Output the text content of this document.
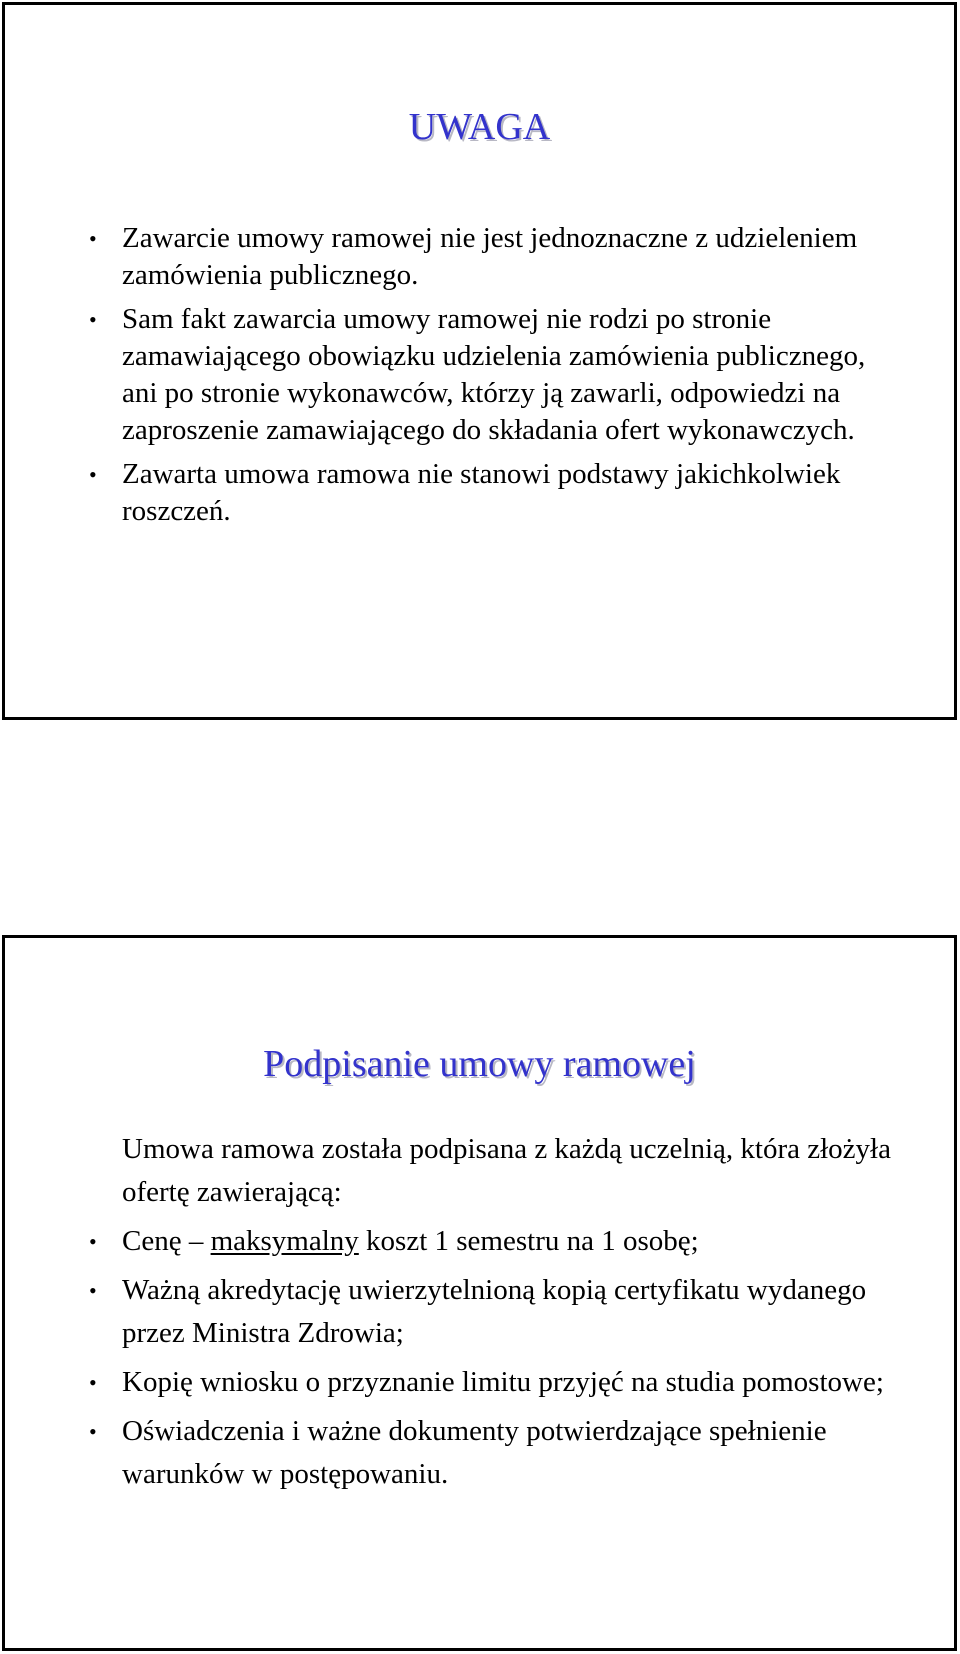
UWAGA
• Zawarcie umowy ramowej nie jest jednoznaczne z udzieleniem zamówienia publicznego.
• Sam fakt zawarcia umowy ramowej nie rodzi po stronie zamawiającego obowiązku udzielenia zamówienia publicznego, ani po stronie wykonawców, którzy ją zawarli, odpowiedzi na zaproszenie zamawiającego do składania ofert wykonawczych.
• Zawarta umowa ramowa nie stanowi podstawy jakichkolwiek roszczeń.
Podpisanie umowy ramowej

Umowa ramowa została podpisana z każdą uczelnią, która złożyła ofertę zawierającą:

• Cenę – maksymalny koszt 1 semestru na 1 osobę;
• Ważną akredytację uwierzytelnioną kopią certyfikatu wydanego przez Ministra Zdrowia;
• Kopię wniosku o przyznanie limitu przyjęć na studia pomostowe;
• Oświadczenia i ważne dokumenty potwierdzające spełnienie warunków w postępowaniu.
